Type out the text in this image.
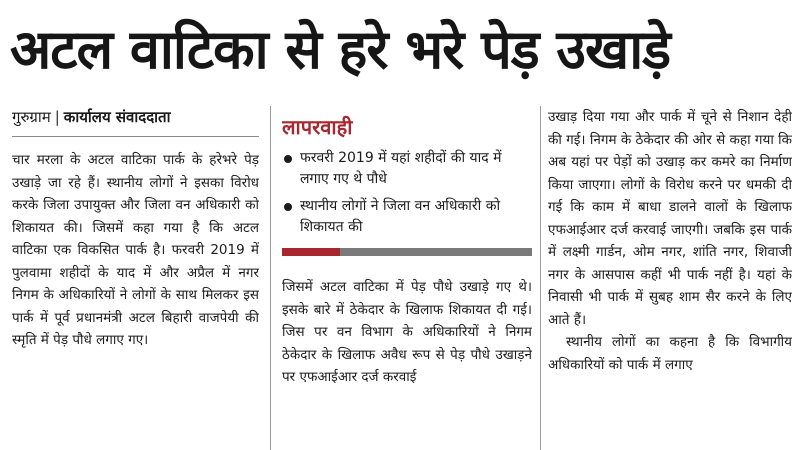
अटल वाटिका से हरे भरे पेड़ उखाड़े
गुरुग्राम | कार्यालय संवाददाता

चार मरला के अटल वाटिका पार्क के हरेभरे पेड़ उखाड़े जा रहे हैं। स्थानीय लोगों ने इसका विरोध करके जिला उपायुक्त और जिला वन अधिकारी को शिकायत की। जिसमें कहा गया है कि अटल वाटिका एक विकसित पार्क है। फरवरी 2019 में पुलवामा शहीदों के याद में और अप्रैल में नगर निगम के अधिकारियों ने लोगों के साथ मिलकर इस पार्क में पूर्व प्रधानमंत्री अटल बिहारी वाजपेयी की स्मृति में पेड़ पौधे लगाए गए।

लापरवाही
फरवरी 2019 में यहां शहीदों की याद में लगाए गए थे पौधे
स्थानीय लोगों ने जिला वन अधिकारी को शिकायत की

जिसमें अटल वाटिका में पेड़ पौधे उखाड़े गए थे। इसके बारे में ठेकेदार के खिलाफ शिकायत दी गई। जिस पर वन विभाग के अधिकारियों ने निगम ठेकेदार के खिलाफ अवैध रूप से पेड़ पौधे उखाड़ने पर एफआईआर दर्ज करवाई

उखाड़ दिया गया और पार्क में चूने से निशान देही की गई। निगम के ठेकेदार की ओर से कहा गया कि अब यहां पर पेड़ों को उखाड़ कर कमरे का निर्माण किया जाएगा। लोगों के विरोध करने पर धमकी दी गई कि काम में बाधा डालने वालों के खिलाफ एफआईआर दर्ज करवाई जाएगी। जबकि इस पार्क में लक्ष्मी गार्डन, ओम नगर, शांति नगर, शिवाजी नगर के आसपास कहीं भी पार्क नहीं है। यहां के निवासी भी पार्क में सुबह शाम सैर करने के लिए आते हैं।

स्थानीय लोगों का कहना है कि विभागीय अधिकारियों को पार्क में लगाए
